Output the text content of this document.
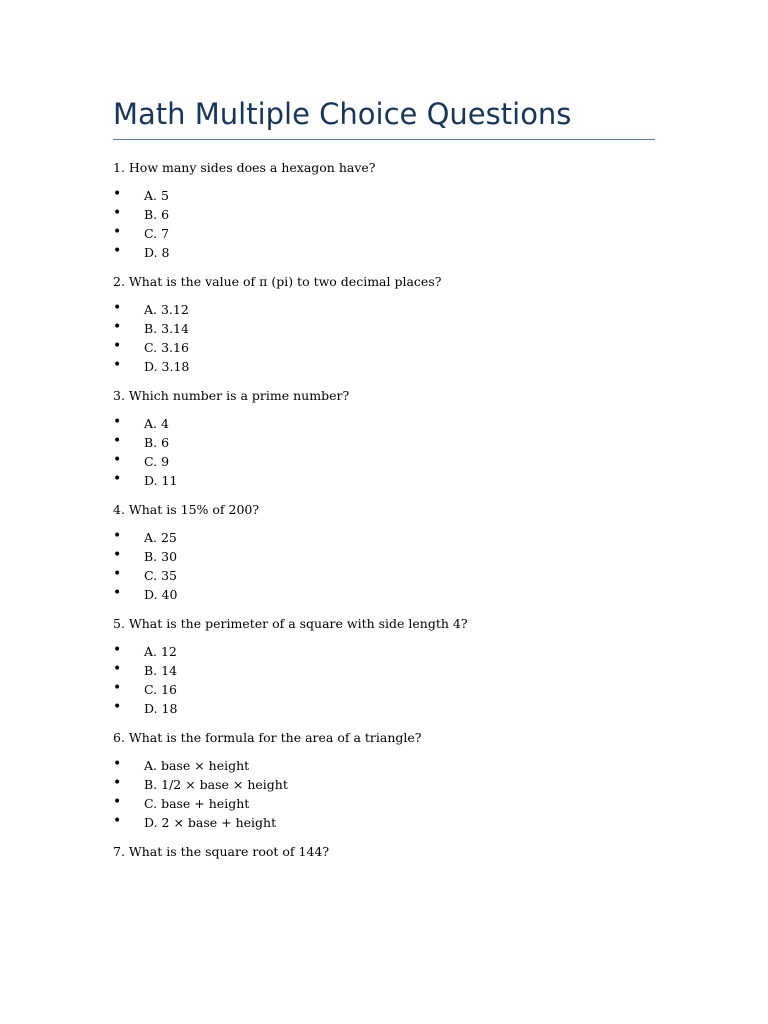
Math Multiple Choice Questions

1. How many sides does a hexagon have?

• A. 5
• B. 6
• C. 7
• D. 8

2. What is the value of π (pi) to two decimal places?

• A. 3.12
• B. 3.14
• C. 3.16
• D. 3.18

3. Which number is a prime number?

• A. 4
• B. 6
• C. 9
• D. 11

4. What is 15% of 200?

• A. 25
• B. 30
• C. 35
• D. 40

5. What is the perimeter of a square with side length 4?

• A. 12
• B. 14
• C. 16
• D. 18

6. What is the formula for the area of a triangle?

• A. base × height
• B. 1/2 × base × height
• C. base + height
• D. 2 × base + height

7. What is the square root of 144?
